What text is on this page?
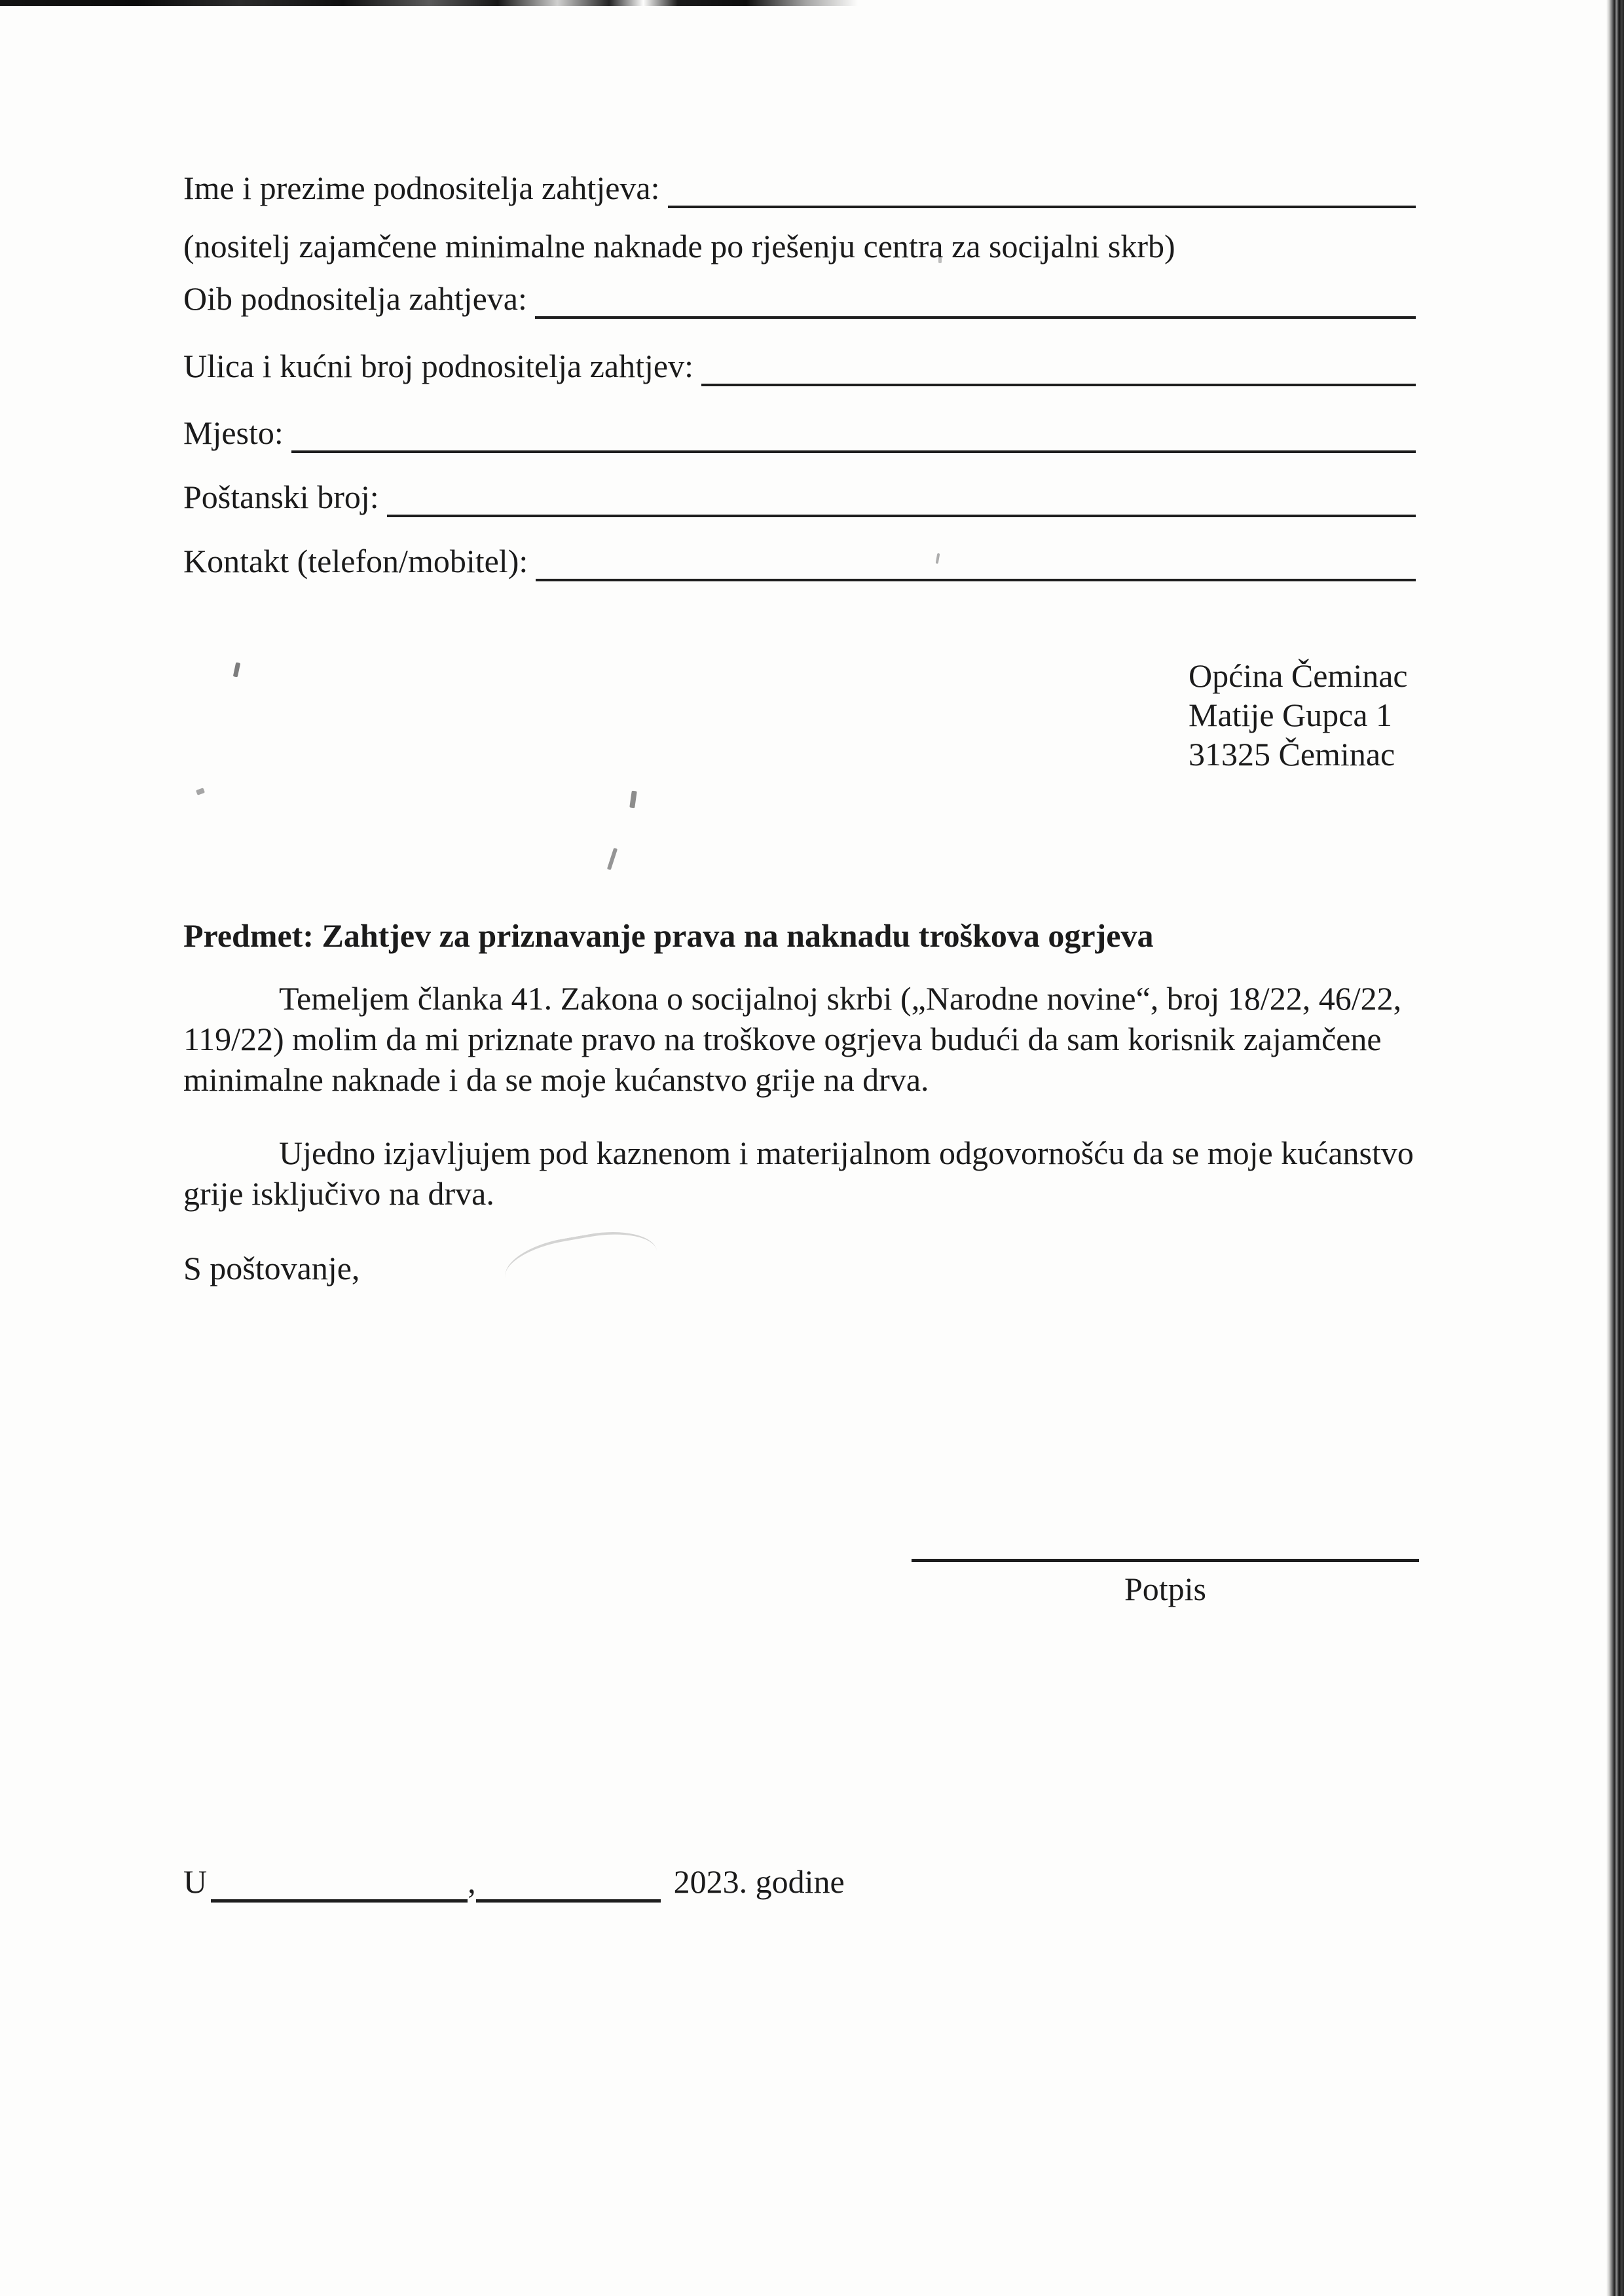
Ime i prezime podnositelja zahtjeva:
(nositelj zajamčene minimalne naknade po rješenju centra za socijalni skrb)
Oib podnositelja zahtjeva:
Ulica i kućni broj podnositelja zahtjev:
Mjesto:
Poštanski broj:
Kontakt (telefon/mobitel):
Općina Čeminac
Matije Gupca 1
31325 Čeminac
Predmet: Zahtjev za priznavanje prava na naknadu troškova ogrjeva

Temeljem članka 41. Zakona o socijalnoj skrbi („Narodne novine“, broj 18/22, 46/22, 119/22) molim da mi priznate pravo na troškove ogrjeva budući da sam korisnik zajamčene minimalne naknade i da se moje kućanstvo grije na drva.

Ujedno izjavljujem pod kaznenom i materijalnom odgovornošću da se moje kućanstvo grije isključivo na drva.

S poštovanje,
Potpis
U	,	2023. godine
